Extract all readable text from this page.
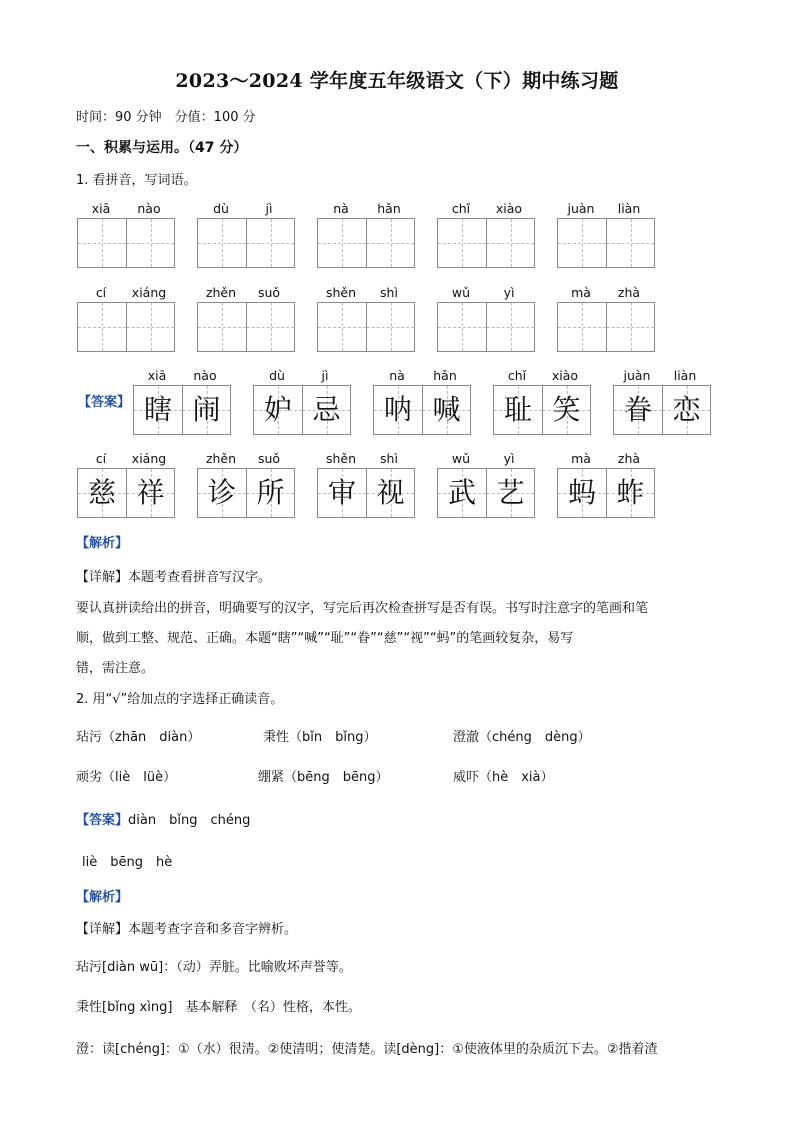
2023～2024 学年度五年级语文（下）期中练习题
时间：90 分钟　分值：100 分
一、积累与运用。（47 分）
1. 看拼音，写词语。
xiā	nào	dù	jì	nà	hǎn	chǐ	xiào	juàn	liàn
cí	xiáng	zhěn	suǒ	shěn	shì	wǔ	yì	mà	zhà
xiā	nào
瞎 闹
dù	jì
妒 忌
nà	hǎn
呐 喊
chǐ	xiào
耻 笑
juàn	liàn
眷 恋
cí	xiáng
慈 祥
zhěn	suǒ
诊 所
shěn	shì
审 视
wǔ	yì
武 艺
mà	zhà
蚂 蚱
【答案】
【解析】
【详解】本题考查看拼音写汉字。
要认真拼读给出的拼音，明确要写的汉字，写完后再次检查拼写是否有误。书写时注意字的笔画和笔
顺，做到工整、规范、正确。本题“瞎”“喊”“耻”“眷”“慈”“视”“蚂”的笔画较复杂，易写
错，需注意。
2. 用“√”给加点的字选择正确读音。
玷污（zhān　diàn）	秉性（bǐn　bǐng）	澄澈（chéng　dèng）
顽劣（liè　lüè）	绷紧（bēng　bēng）	威吓（hè　xià）
【答案】diàn　bǐng　chéng
liè　bēng　hè
【解析】
【详解】本题考查字音和多音字辨析。
玷污[diàn wū]：（动）弄脏。比喻败坏声誉等。
秉性[bǐng xìng]　基本解释　（名）性格，本性。
澄：读[chéng]：①（水）很清。②使清明；使清楚。读[dèng]：①使液体里的杂质沉下去。②揩着渣
